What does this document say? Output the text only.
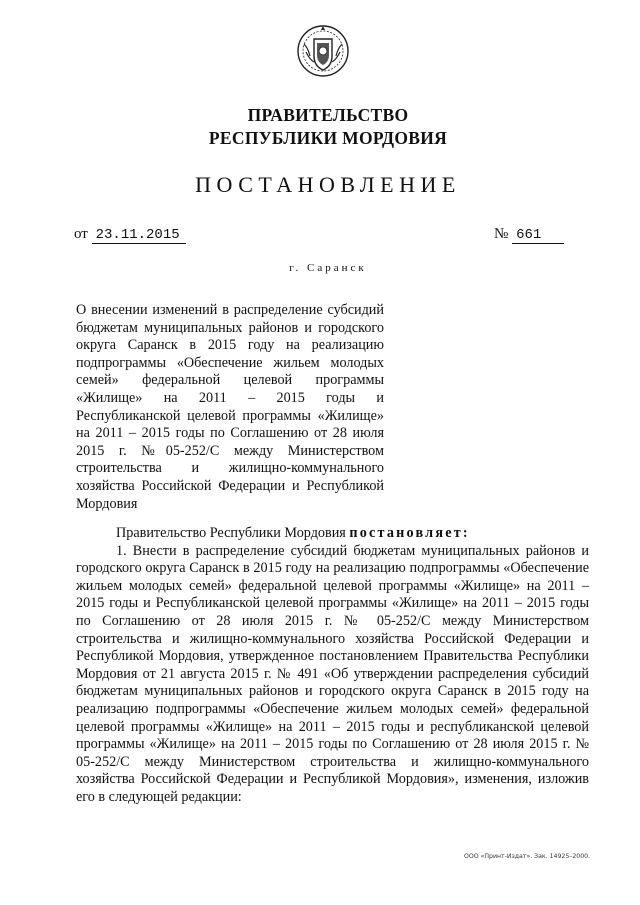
ПРАВИТЕЛЬСТВО
РЕСПУБЛИКИ МОРДОВИЯ
ПОСТАНОВЛЕНИЕ
от 23.11.2015	№ 661
г. Саранск

О внесении изменений в распределение субсидий бюджетам муниципальных районов и городского округа Саранск в 2015 году на реализацию подпрограммы «Обеспечение жильем молодых семей» федеральной целевой программы «Жилище» на 2011 – 2015 годы и Республиканской целевой программы «Жилище» на 2011 – 2015 годы по Соглашению от 28 июля 2015 г. №05-252/С между Министерством строительства и жилищно-коммунального хозяйства Российской Федерации и Республикой Мордовия

Правительство Республики Мордовия постановляет:

1. Внести в распределение субсидий бюджетам муниципальных районов и городского округа Саранск в 2015 году на реализацию подпрограммы «Обеспечение жильем молодых семей» федеральной целевой программы «Жилище» на 2011 – 2015 годы и Республиканской целевой программы «Жилище» на 2011 – 2015 годы по Соглашению от 28 июля 2015 г. № 05-252/С между Министерством строительства и жилищно-коммунального хозяйства Российской Федерации и Республикой Мордовия, утвержденное постановлением Правительства Республики Мордовия от 21 августа 2015 г. № 491 «Об утверждении распределения субсидий бюджетам муниципальных районов и городского округа Саранск в 2015 году на реализацию подпрограммы «Обеспечение жильем молодых семей» федеральной целевой программы «Жилище» на 2011 – 2015 годы и республиканской целевой программы «Жилище» на 2011 – 2015 годы по Соглашению от 28 июля 2015 г. № 05-252/С между Министерством строительства и жилищно-коммунального хозяйства Российской Федерации и Республикой Мордовия», изменения, изложив его в следующей редакции:

ООО «Принт-Издат». Зак. 14925–2000.
